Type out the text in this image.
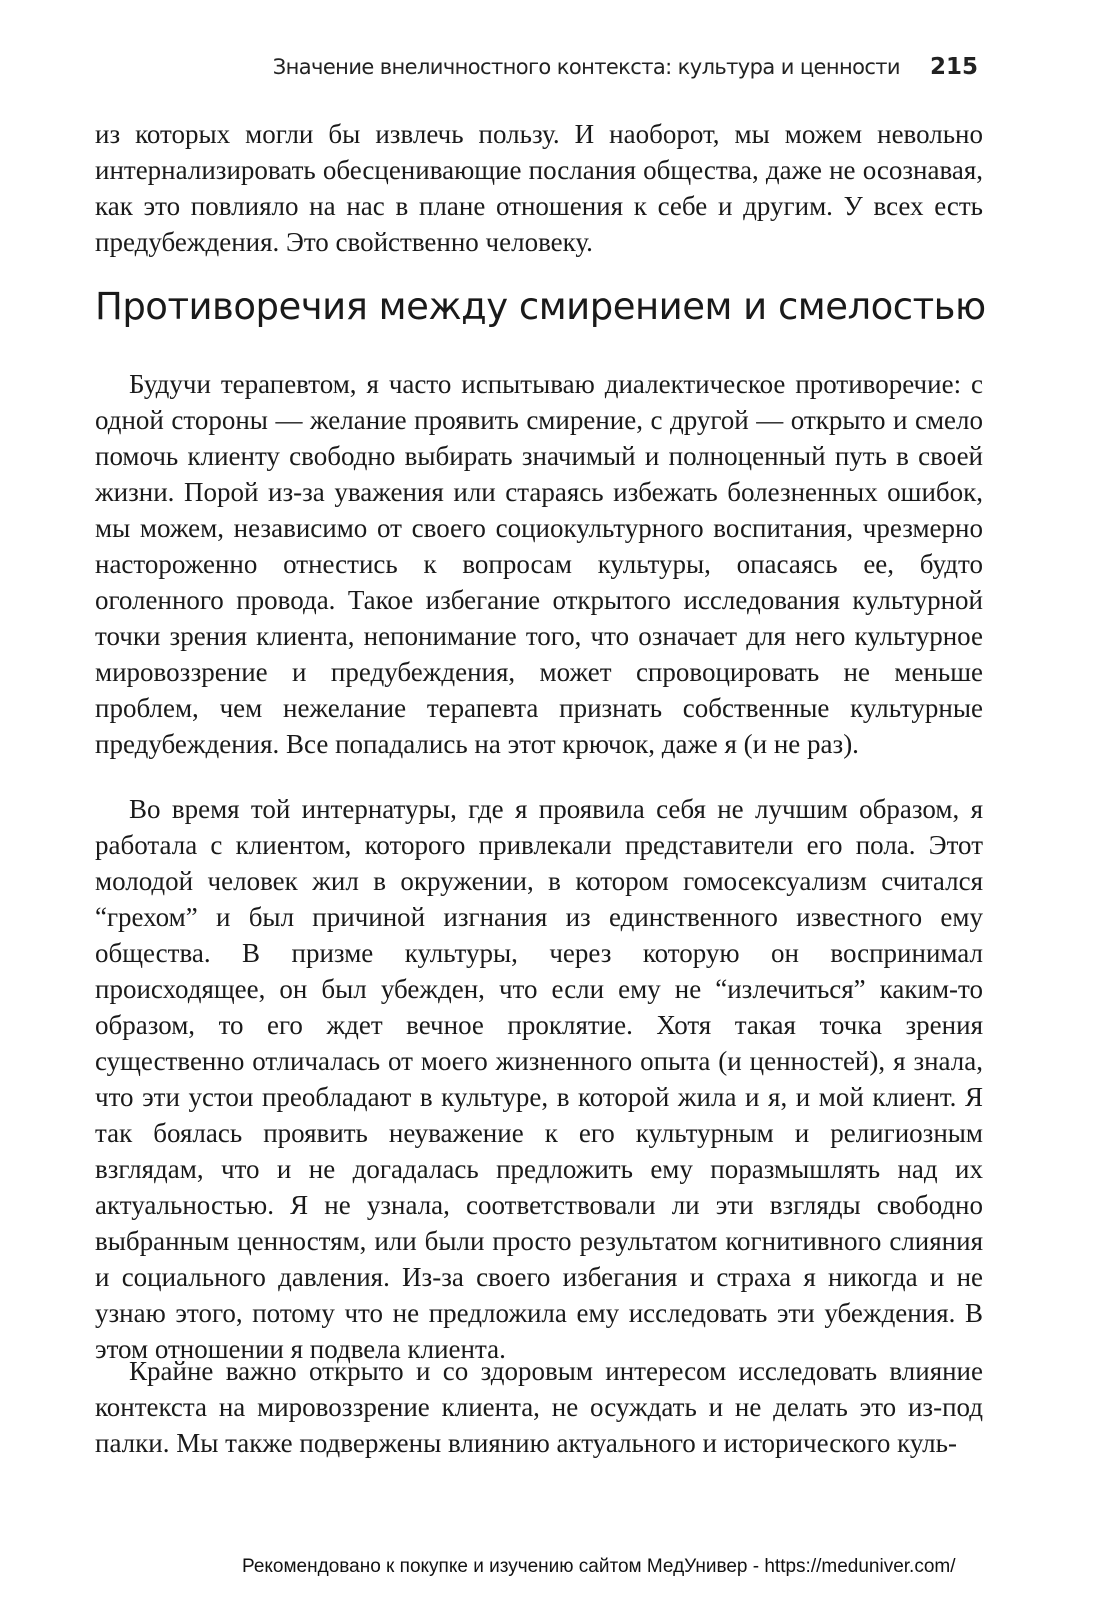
Значение внеличностного контекста: культура и ценности 215

из которых могли бы извлечь пользу. И наоборот, мы можем невольно интернализировать обесценивающие послания общества, даже не осознавая, как это повлияло на нас в плане отношения к себе и другим. У всех есть предубеждения. Это свойственно человеку.

Противоречия между смирением и смелостью

Будучи терапевтом, я часто испытываю диалектическое противоречие: с одной стороны — желание проявить смирение, с другой — открыто и смело помочь клиенту свободно выбирать значимый и полноценный путь в своей жизни. Порой из-за уважения или стараясь избежать болезненных ошибок, мы можем, независимо от своего социокультурного воспитания, чрезмерно настороженно отнестись к вопросам культуры, опасаясь ее, будто оголенного провода. Такое избегание открытого исследования культурной точки зрения клиента, непонимание того, что означает для него культурное мировоззрение и предубеждения, может спровоцировать не меньше проблем, чем нежелание терапевта признать собственные культурные предубеждения. Все попадались на этот крючок, даже я (и не раз).

Во время той интернатуры, где я проявила себя не лучшим образом, я работала с клиентом, которого привлекали представители его пола. Этот молодой человек жил в окружении, в котором гомосексуализм считался “грехом” и был причиной изгнания из единственного известного ему общества. В призме культуры, через которую он воспринимал происходящее, он был убежден, что если ему не “излечиться” каким-то образом, то его ждет вечное проклятие. Хотя такая точка зрения существенно отличалась от моего жизненного опыта (и ценностей), я знала, что эти устои преобладают в культуре, в которой жила и я, и мой клиент. Я так боялась проявить неуважение к его культурным и религиозным взглядам, что и не догадалась предложить ему поразмышлять над их актуальностью. Я не узнала, соответствовали ли эти взгляды свободно выбранным ценностям, или были просто результатом когнитивного слияния и социального давления. Из-за своего избегания и страха я никогда и не узнаю этого, потому что не предложила ему исследовать эти убеждения. В этом отношении я подвела клиента.

Крайне важно открыто и со здоровым интересом исследовать влияние контекста на мировоззрение клиента, не осуждать и не делать это из-под палки. Мы также подвержены влиянию актуального и исторического куль-

Рекомендовано к покупке и изучению сайтом МедУнивер - https://meduniver.com/
